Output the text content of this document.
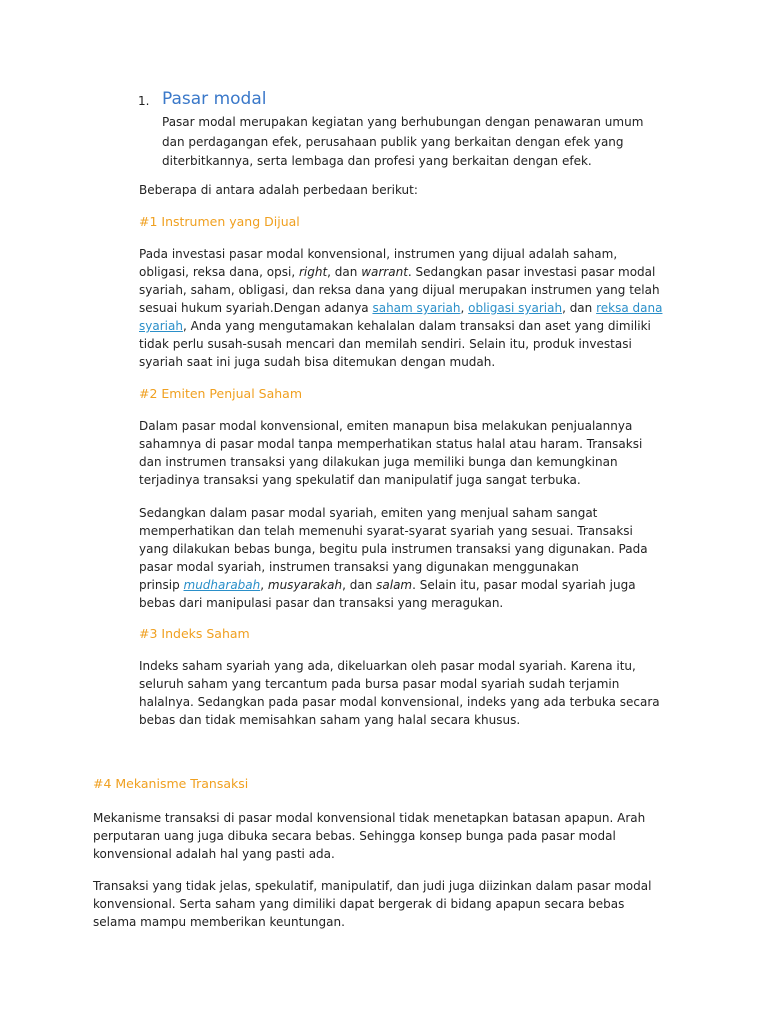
1. Pasar modal
Pasar modal merupakan kegiatan yang berhubungan dengan penawaran umum
dan perdagangan efek, perusahaan publik yang berkaitan dengan efek yang
diterbitkannya, serta lembaga dan profesi yang berkaitan dengan efek.

Beberapa di antara adalah perbedaan berikut:

#1 Instrumen yang Dijual

Pada investasi pasar modal konvensional, instrumen yang dijual adalah saham,
obligasi, reksa dana, opsi, right, dan warrant. Sedangkan pasar investasi pasar modal
syariah, saham, obligasi, dan reksa dana yang dijual merupakan instrumen yang telah
sesuai hukum syariah.Dengan adanya saham syariah, obligasi syariah, dan reksa dana
syariah, Anda yang mengutamakan kehalalan dalam transaksi dan aset yang dimiliki
tidak perlu susah-susah mencari dan memilah sendiri. Selain itu, produk investasi
syariah saat ini juga sudah bisa ditemukan dengan mudah.

#2 Emiten Penjual Saham

Dalam pasar modal konvensional, emiten manapun bisa melakukan penjualannya
sahamnya di pasar modal tanpa memperhatikan status halal atau haram. Transaksi
dan instrumen transaksi yang dilakukan juga memiliki bunga dan kemungkinan
terjadinya transaksi yang spekulatif dan manipulatif juga sangat terbuka.
Sedangkan dalam pasar modal syariah, emiten yang menjual saham sangat
memperhatikan dan telah memenuhi syarat-syarat syariah yang sesuai. Transaksi
yang dilakukan bebas bunga, begitu pula instrumen transaksi yang digunakan. Pada
pasar modal syariah, instrumen transaksi yang digunakan menggunakan
prinsip mudharabah, musyarakah, dan salam. Selain itu, pasar modal syariah juga
bebas dari manipulasi pasar dan transaksi yang meragukan.

#3 Indeks Saham

Indeks saham syariah yang ada, dikeluarkan oleh pasar modal syariah. Karena itu,
seluruh saham yang tercantum pada bursa pasar modal syariah sudah terjamin
halalnya. Sedangkan pada pasar modal konvensional, indeks yang ada terbuka secara
bebas dan tidak memisahkan saham yang halal secara khusus.

#4 Mekanisme Transaksi

Mekanisme transaksi di pasar modal konvensional tidak menetapkan batasan apapun. Arah
perputaran uang juga dibuka secara bebas. Sehingga konsep bunga pada pasar modal
konvensional adalah hal yang pasti ada.
Transaksi yang tidak jelas, spekulatif, manipulatif, dan judi juga diizinkan dalam pasar modal
konvensional. Serta saham yang dimiliki dapat bergerak di bidang apapun secara bebas
selama mampu memberikan keuntungan.
